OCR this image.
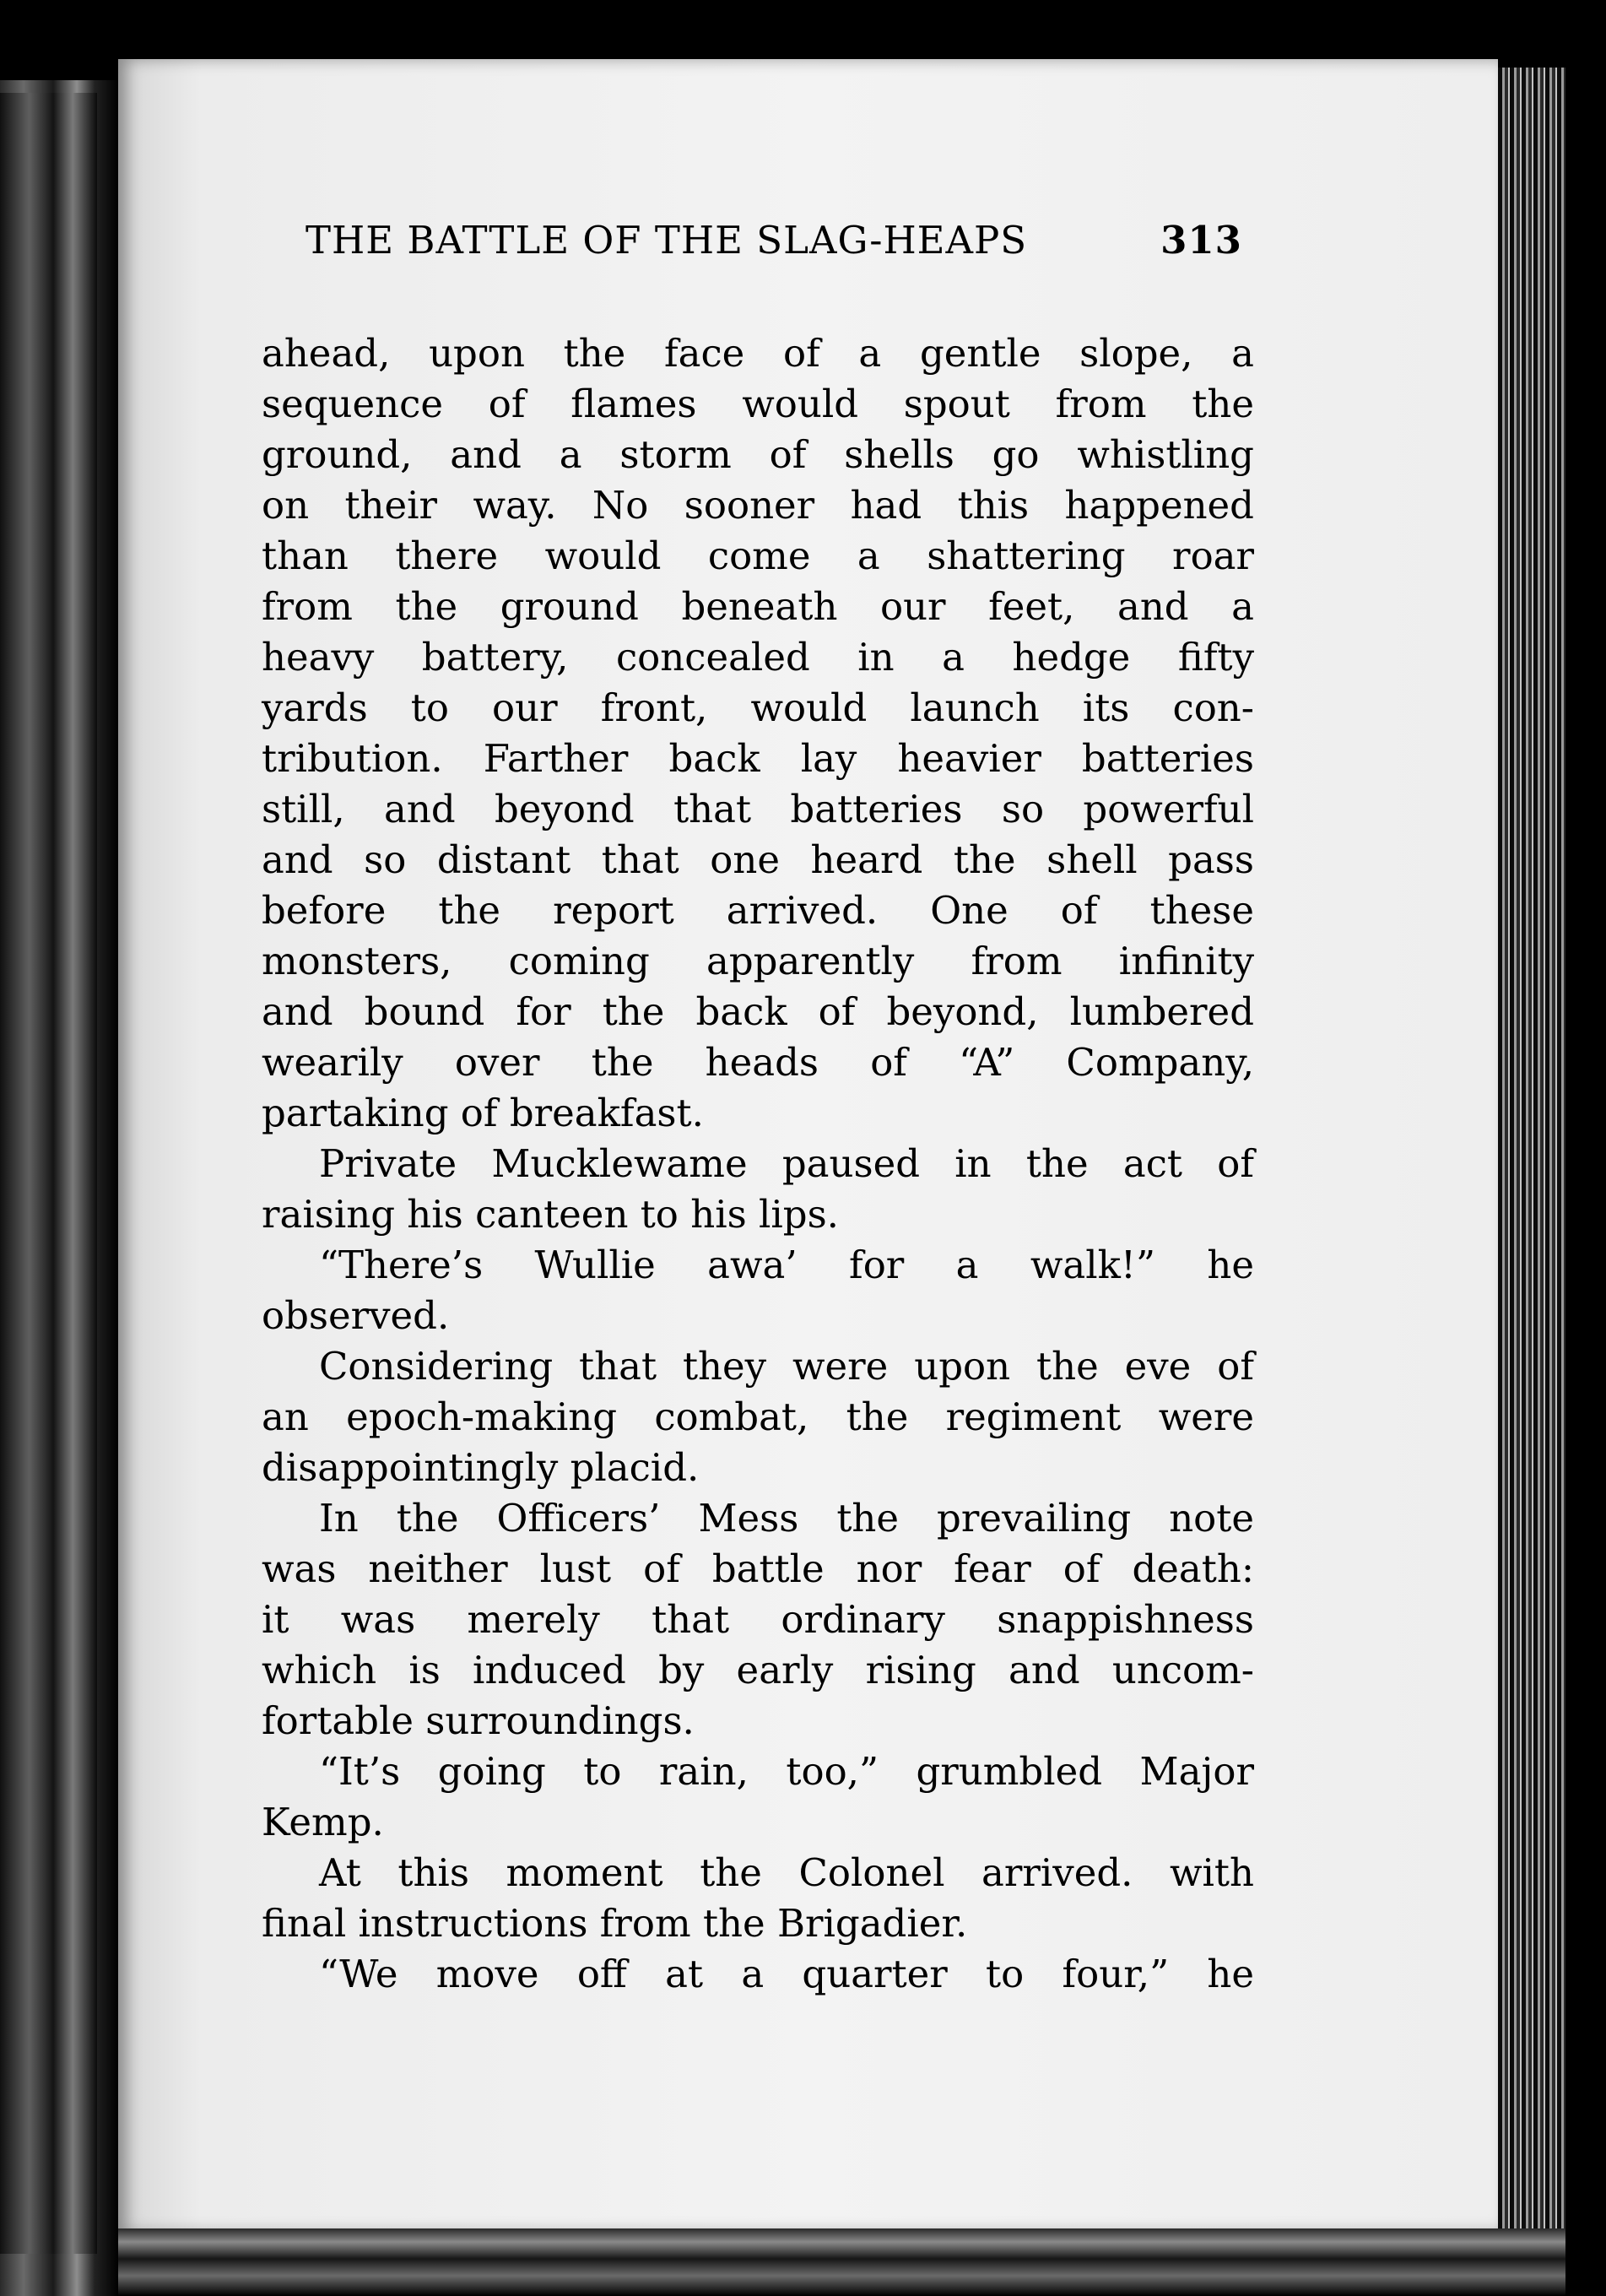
THE BATTLE OF THE SLAG-HEAPS	313
ahead, upon the face of a gentle slope, a
sequence of flames would spout from the
ground, and a storm of shells go whistling
on their way. No sooner had this happened
than there would come a shattering roar
from the ground beneath our feet, and a
heavy battery, concealed in a hedge fifty
yards to our front, would launch its con-
tribution. Farther back lay heavier batteries
still, and beyond that batteries so powerful
and so distant that one heard the shell pass
before the report arrived. One of these
monsters, coming apparently from infinity
and bound for the back of beyond, lumbered
wearily over the heads of “A” Company,
partaking of breakfast.
Private Mucklewame paused in the act of
raising his canteen to his lips.
“There’s Wullie awa’ for a walk!” he
observed.
Considering that they were upon the eve of
an epoch-making combat, the regiment were
disappointingly placid.
In the Officers’ Mess the prevailing note
was neither lust of battle nor fear of death:
it was merely that ordinary snappishness
which is induced by early rising and uncom-
fortable surroundings.
“It’s going to rain, too,” grumbled Major
Kemp.
At this moment the Colonel arrived. with
final instructions from the Brigadier.
“We move off at a quarter to four,” he
